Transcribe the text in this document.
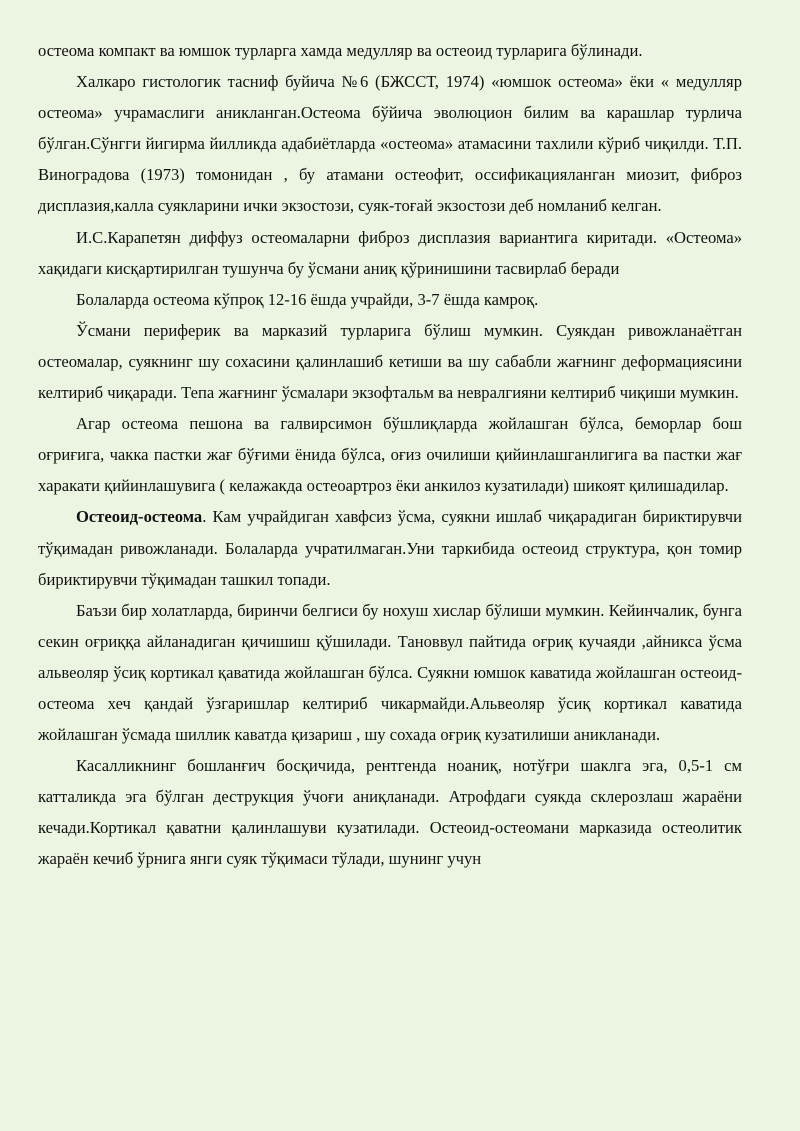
остеома компакт ва юмшок турларга хамда медулляр ва остеоид турларига бўлинади.

Халкаро гистологик тасниф буйича №6 (БЖССТ, 1974) «юмшок остеома» ёки « медулляр остеома» учрамаслиги аникланган.Остеома бўйича эволюцион билим ва карашлар турлича бўлган.Сўнгги йигирма йилликда адабиётларда «остеома» атамасини тахлили кўриб чиқилди. Т.П. Виноградова (1973) томонидан , бу атамани остеофит, оссификацияланган миозит, фиброз дисплазия,калла суякларини ички экзостози, суяк-тоғай экзостози деб номланиб келган.

И.С.Карапетян диффуз остеомаларни фиброз дисплазия вариантига киритади. «Остеома» хақидаги кисқартирилган тушунча бу ўсмани аниқ қўринишини тасвирлаб беради

Болаларда остеома кўпроқ 12-16 ёшда учрайди, 3-7 ёшда камроқ.

Ўсмани периферик ва марказий турларига бўлиш мумкин. Суякдан ривожланаётган остеомалар, суякнинг шу сохасини қалинлашиб кетиши ва шу сабабли жағнинг деформациясини келтириб чиқаради. Тепа жағнинг ўсмалари экзофтальм ва невралгияни келтириб чиқиши мумкин.

Агар остеома пешона ва галвирсимон бўшлиқларда жойлашган бўлса, беморлар бош оғриғига, чакка пастки жағ бўғими ёнида бўлса, оғиз очилиши қийинлашганлигига ва пастки жағ харакати қийинлашувига ( келажакда остеоартроз ёки анкилоз кузатилади) шикоят қилишадилар.

Остеоид-остеома. Кам учрайдиган хавфсиз ўсма, суякни ишлаб чиқарадиган бириктирувчи тўқимадан ривожланади. Болаларда учратилмаган.Уни таркибида остеоид структура, қон томир бириктирувчи тўқимадан ташкил топади.

Баъзи бир холатларда, биринчи белгиси бу нохуш хислар бўлиши мумкин. Кейинчалик, бунга секин оғриққа айланадиган қичишиш қўшилади. Тановвул пайтида оғриқ кучаяди ,айникса ўсма альвеоляр ўсиқ кортикал қаватида жойлашган бўлса. Суякни юмшок каватида жойлашган остеоид-остеома хеч қандай ўзгаришлар келтириб чикармайди.Альвеоляр ўсиқ кортикал каватида жойлашган ўсмада шиллик каватда қизариш , шу сохада оғриқ кузатилиши аникланади.

Касалликнинг бошланғич босқичида, рентгенда ноаниқ, нотўғри шаклга эга, 0,5-1 см катталикда эга бўлган деструкция ўчоғи аниқланади. Атрофдаги суякда склерозлаш жараёни кечади.Кортикал қаватни қалинлашуви кузатилади. Остеоид-остеомани марказида остеолитик жараён кечиб ўрнига янги суяк тўқимаси тўлади, шунинг учун
